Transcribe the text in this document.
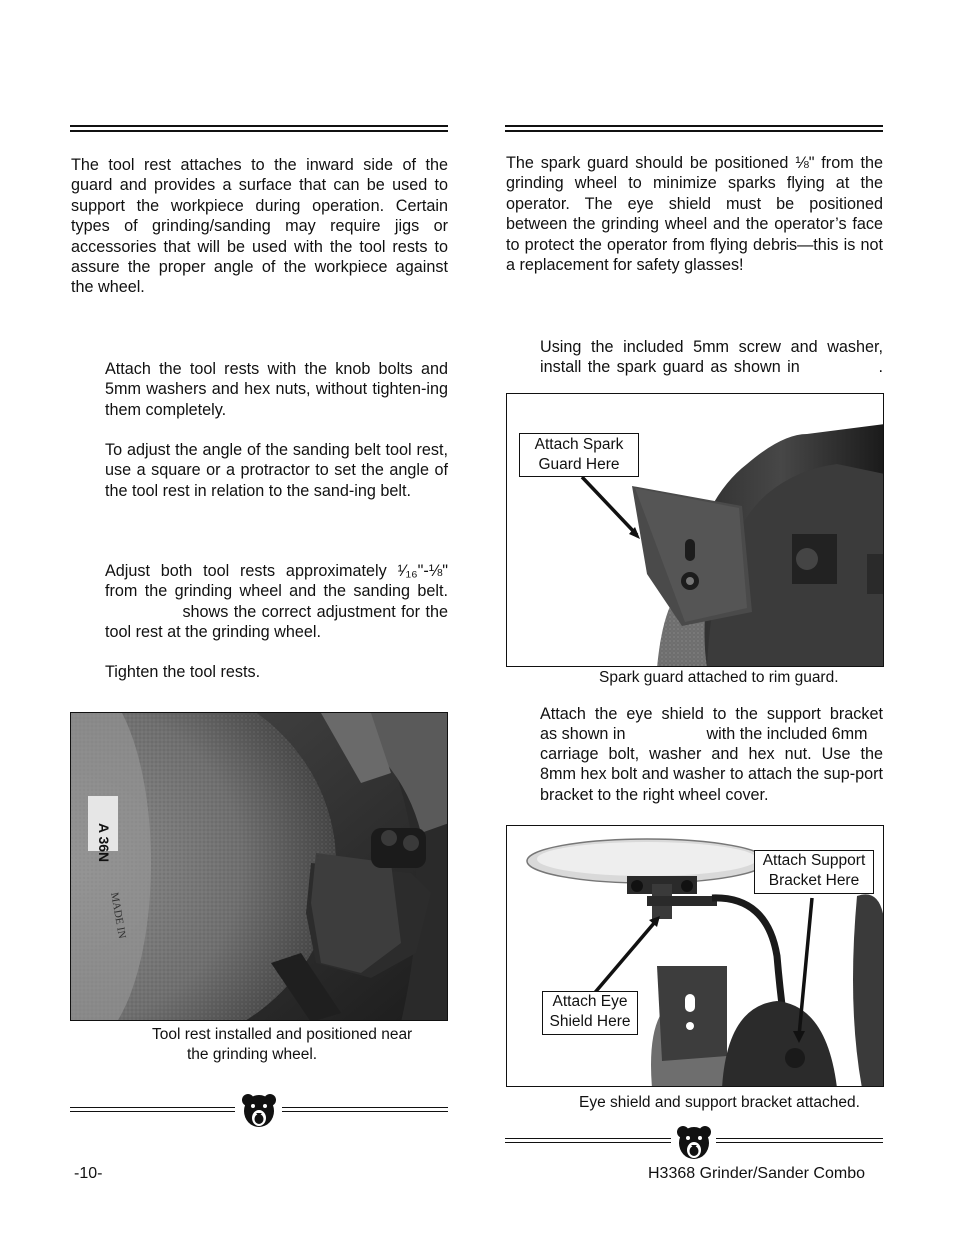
The tool rest attaches to the inward side of the guard and provides a surface that can be used to support the workpiece during operation. Certain types of grinding/sanding may require jigs or accessories that will be used with the tool rests to assure the proper angle of the workpiece against the wheel.
Attach the tool rests with the knob bolts and 5mm washers and hex nuts, without tighten-ing them completely.
To adjust the angle of the sanding belt tool rest, use a square or a protractor to set the angle of the tool rest in relation to the sand-ing belt.
Adjust both tool rests approximately ¹⁄₁₆"-⅛" from the grinding wheel and the sanding belt.  shows the correct adjustment for the tool rest at the grinding wheel.
Tighten the tool rests.
A 36N
MADE IN
Tool rest installed and positioned near
the grinding wheel.
-10-
The spark guard should be positioned ⅛" from the grinding wheel to minimize sparks flying at the operator. The eye shield must be positioned between the grinding wheel and the operator’s face to protect the operator from flying debris—this is not a replacement for safety glasses!
Using the included 5mm screw and washer, install the spark guard as shown in	.
Attach Spark
Guard Here
Spark guard attached to rim guard.
Attach the eye shield to the support bracket
as shown in	with the included 6mm
carriage bolt, washer and hex nut. Use the 8mm hex bolt and washer to attach the sup-port bracket to the right wheel cover.
Attach Support
Bracket Here
Attach Eye
Shield Here
Eye shield and support bracket attached.
H3368 Grinder/Sander Combo
